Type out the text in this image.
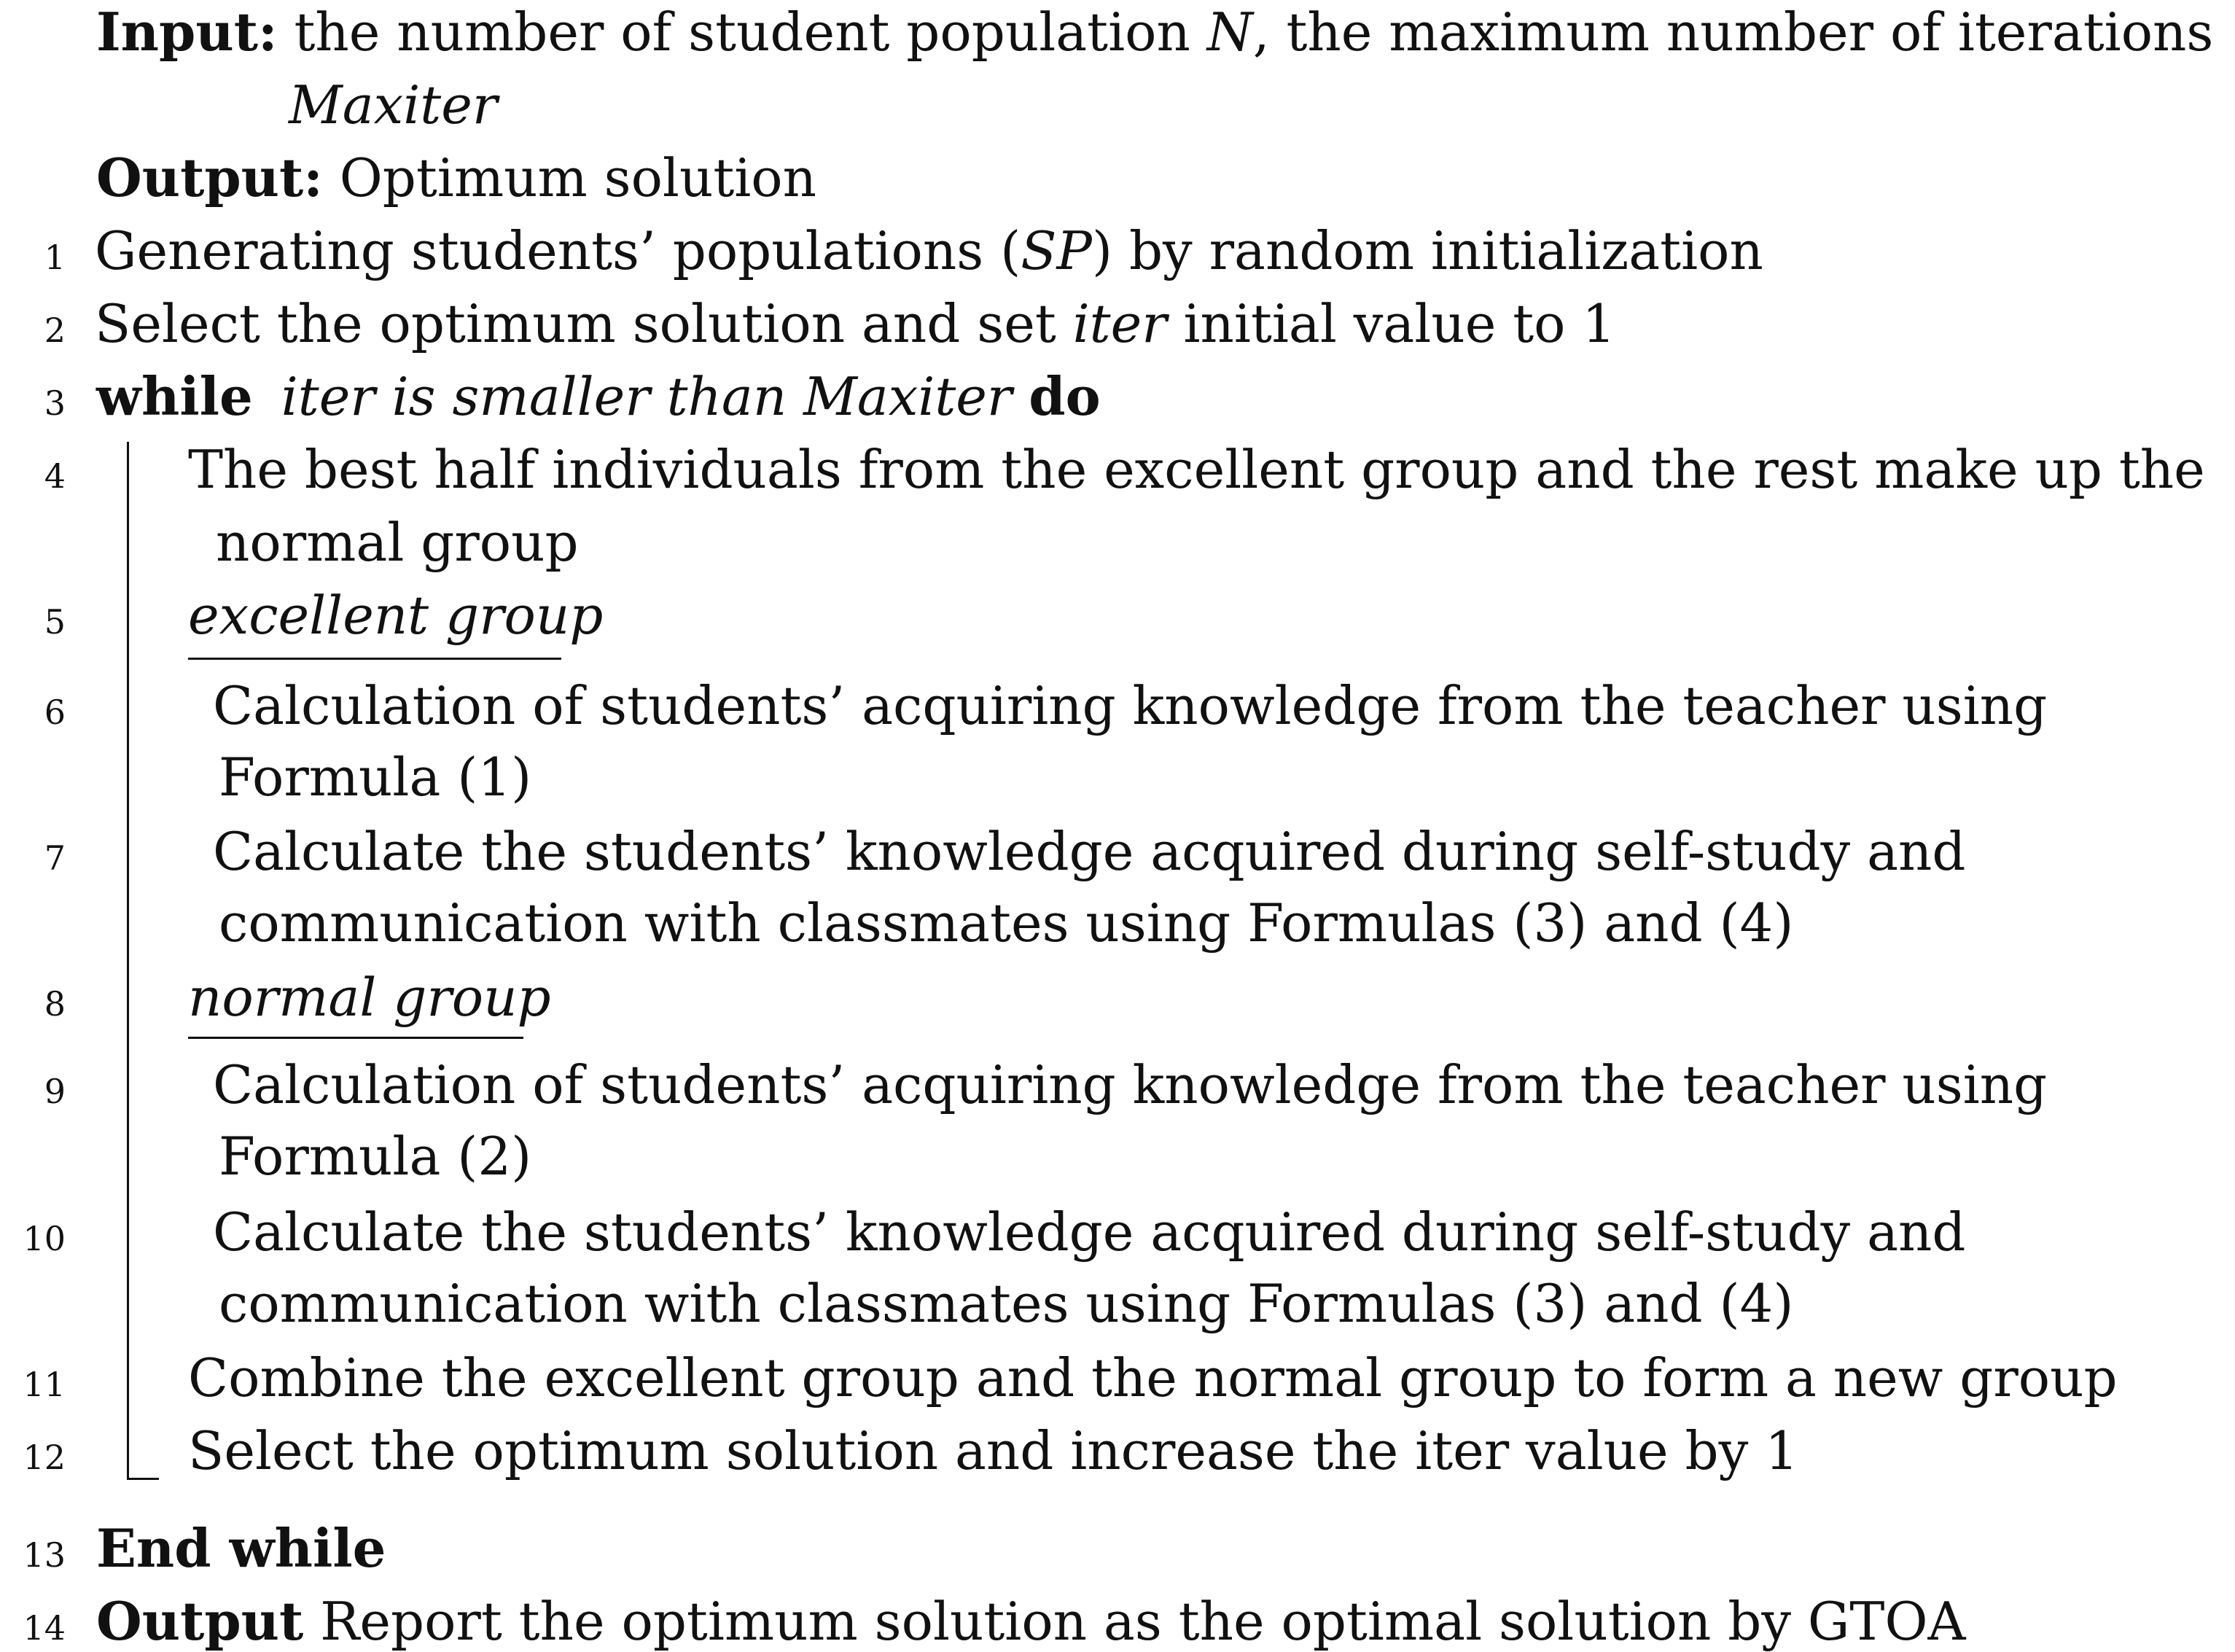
Input: the number of student population N, the maximum number of iterations
Maxiter
Output: Optimum solution
1 Generating students’ populations (SP) by random initialization
2 Select the optimum solution and set iter initial value to 1
3 while iter is smaller than Maxiter do
4 The best half individuals from the excellent group and the rest make up the
normal group
5 excellent group
6	Calculation of students’ acquiring knowledge from the teacher using
Formula (1)
7	Calculate the students’ knowledge acquired during self-study and
communication with classmates using Formulas (3) and (4)
8 normal group
9	Calculation of students’ acquiring knowledge from the teacher using
Formula (2)
10	Calculate the students’ knowledge acquired during self-study and
communication with classmates using Formulas (3) and (4)
11 Combine the excellent group and the normal group to form a new group
12 Select the optimum solution and increase the iter value by 1
13 End while
14 Output Report the optimum solution as the optimal solution by GTOA
